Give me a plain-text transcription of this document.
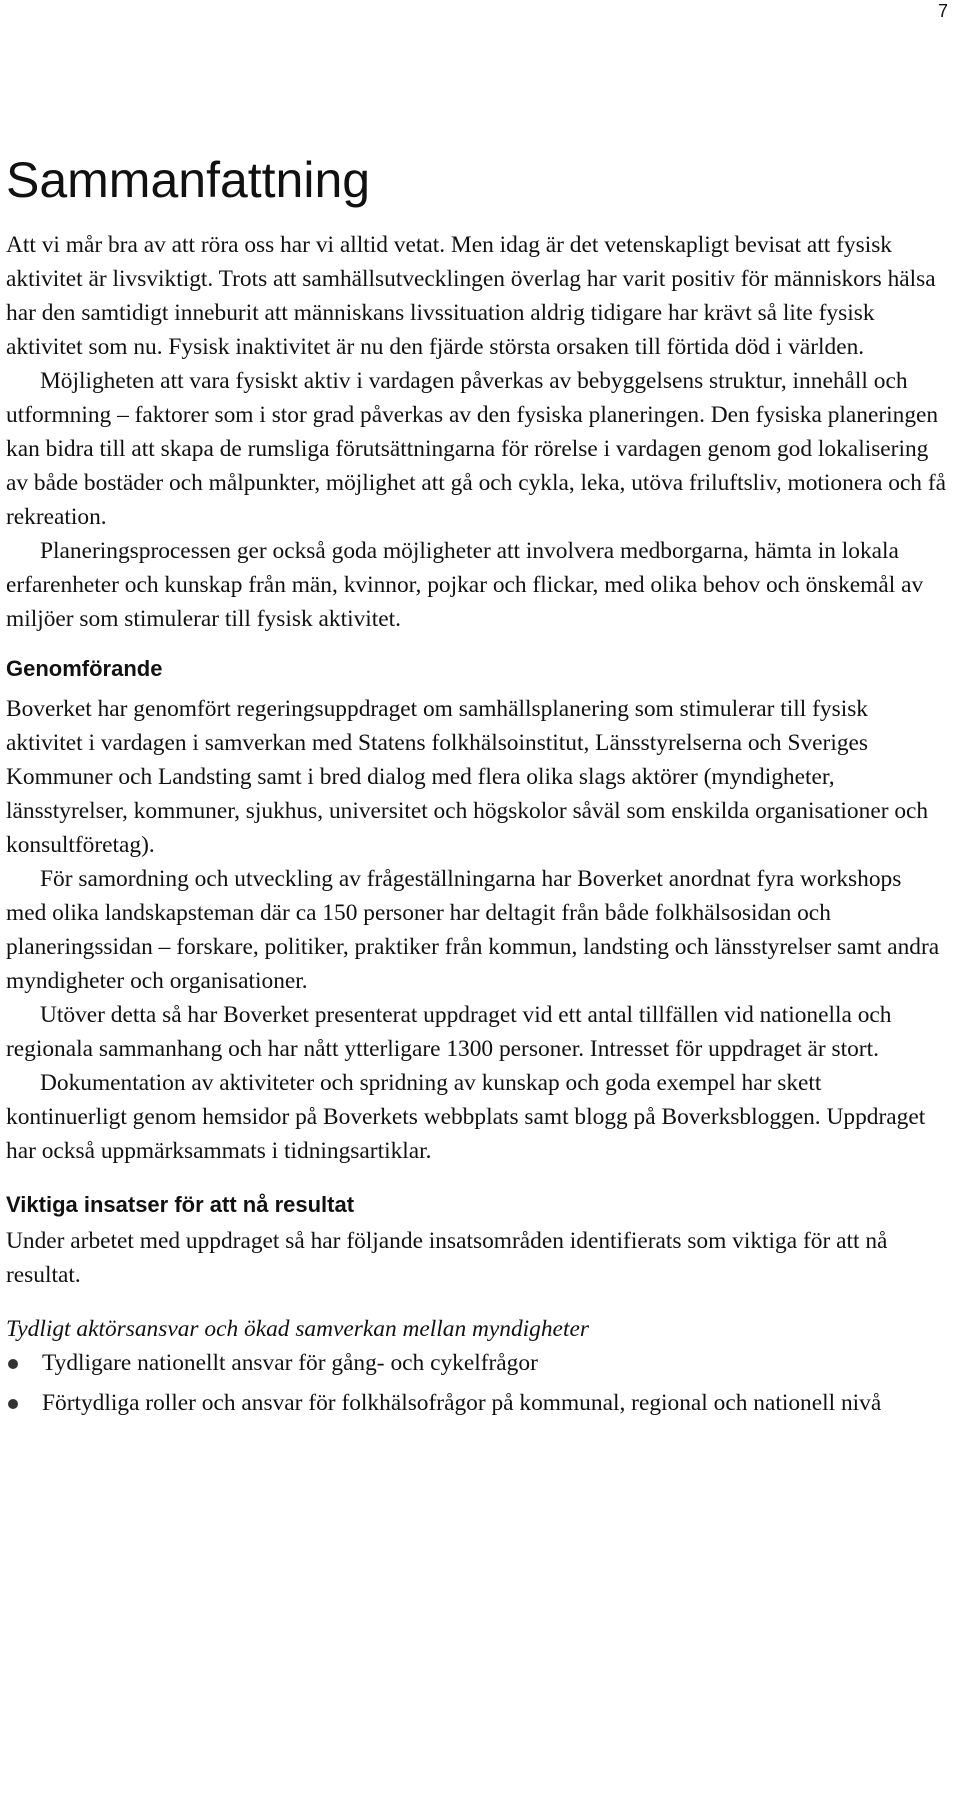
7
Sammanfattning

Att vi mår bra av att röra oss har vi alltid vetat. Men idag är det vetenskapligt bevisat att fysisk aktivitet är livsviktigt. Trots att samhällsutvecklingen överlag har varit positiv för människors hälsa har den samtidigt inneburit att människans livssituation aldrig tidigare har krävt så lite fysisk aktivitet som nu. Fysisk inaktivitet är nu den fjärde största orsaken till förtida död i världen.

Möjligheten att vara fysiskt aktiv i vardagen påverkas av bebyggelsens struktur, innehåll och utformning – faktorer som i stor grad påverkas av den fysiska planeringen. Den fysiska planeringen kan bidra till att skapa de rumsliga förutsättningarna för rörelse i vardagen genom god lokalisering av både bostäder och målpunkter, möjlighet att gå och cykla, leka, utöva friluftsliv, motionera och få rekreation.

Planeringsprocessen ger också goda möjligheter att involvera medborgarna, hämta in lokala erfarenheter och kunskap från män, kvinnor, pojkar och flickar, med olika behov och önskemål av miljöer som stimulerar till fysisk aktivitet.

Genomförande

Boverket har genomfört regeringsuppdraget om samhällsplanering som stimulerar till fysisk aktivitet i vardagen i samverkan med Statens folkhälsoinstitut, Länsstyrelserna och Sveriges Kommuner och Landsting samt i bred dialog med flera olika slags aktörer (myndigheter, länsstyrelser, kommuner, sjukhus, universitet och högskolor såväl som enskilda organisationer och konsultföretag).

För samordning och utveckling av frågeställningarna har Boverket anordnat fyra workshops med olika landskapsteman där ca 150 personer har deltagit från både folkhälsosidan och planeringssidan – forskare, politiker, praktiker från kommun, landsting och länsstyrelser samt andra myndigheter och organisationer.

Utöver detta så har Boverket presenterat uppdraget vid ett antal tillfällen vid nationella och regionala sammanhang och har nått ytterligare 1300 personer. Intresset för uppdraget är stort.

Dokumentation av aktiviteter och spridning av kunskap och goda exempel har skett kontinuerligt genom hemsidor på Boverkets webbplats samt blogg på Boverksbloggen. Uppdraget har också uppmärksammats i tidningsartiklar.

Viktiga insatser för att nå resultat

Under arbetet med uppdraget så har följande insatsområden identifierats som viktiga för att nå resultat.

Tydligt aktörsansvar och ökad samverkan mellan myndigheter

Tydligare nationellt ansvar för gång- och cykelfrågor
Förtydliga roller och ansvar för folkhälsofrågor på kommunal, regional och nationell nivå
